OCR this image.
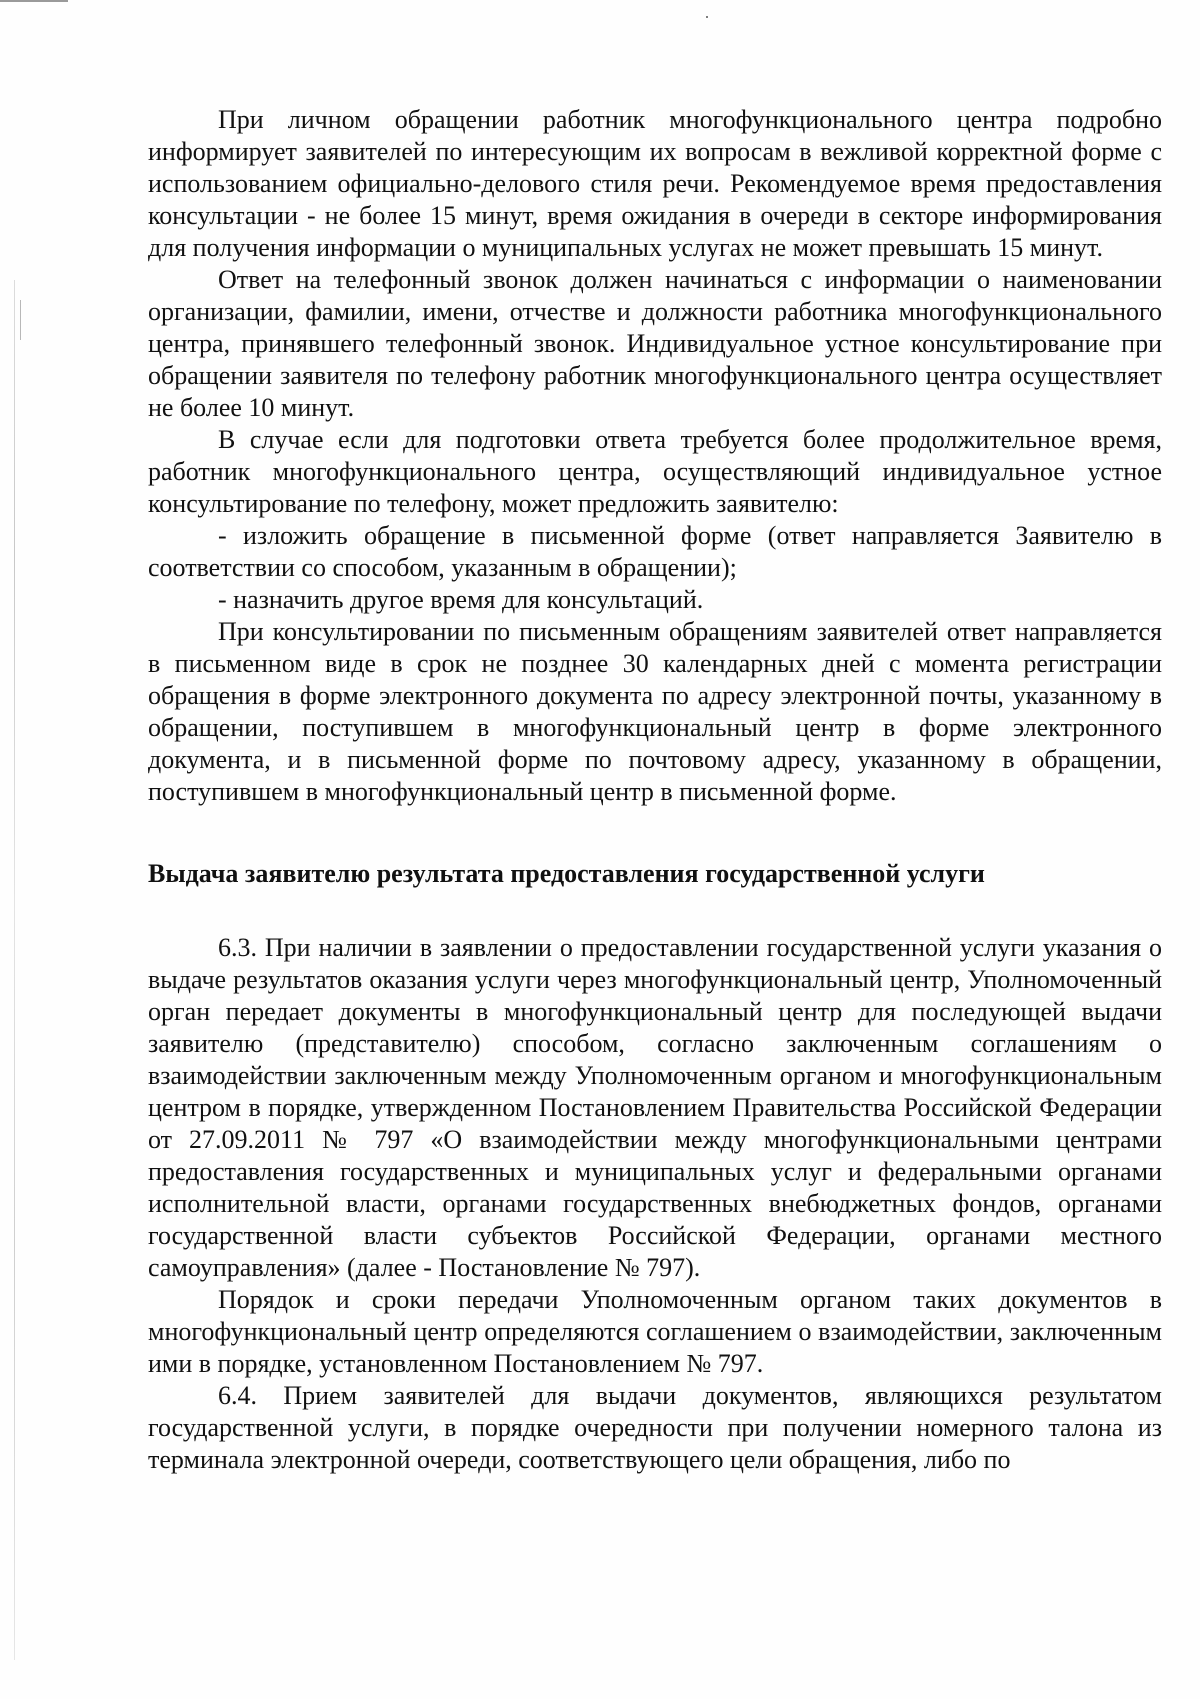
При личном обращении работник многофункционального центра подробно информирует заявителей по интересующим их вопросам в вежливой корректной форме с использованием официально-делового стиля речи. Рекомендуемое время предоставления консультации - не более 15 минут, время ожидания в очереди в секторе информирования для получения информации о муниципальных услугах не может превышать 15 минут.

Ответ на телефонный звонок должен начинаться с информации о наименовании организации, фамилии, имени, отчестве и должности работника многофункционального центра, принявшего телефонный звонок. Индивидуальное устное консультирование при обращении заявителя по телефону работник многофункционального центра осуществляет не более 10 минут.

В случае если для подготовки ответа требуется более продолжительное время, работник многофункционального центра, осуществляющий индивидуальное устное консультирование по телефону, может предложить заявителю:

- изложить обращение в письменной форме (ответ направляется Заявителю в соответствии со способом, указанным в обращении);

- назначить другое время для консультаций.

При консультировании по письменным обращениям заявителей ответ направляется в письменном виде в срок не позднее 30 календарных дней с момента регистрации обращения в форме электронного документа по адресу электронной почты, указанному в обращении, поступившем в многофункциональный центр в форме электронного документа, и в письменной форме по почтовому адресу, указанному в обращении, поступившем в многофункциональный центр в письменной форме.

Выдача заявителю результата предоставления государственной услуги

6.3. При наличии в заявлении о предоставлении государственной услуги указания о выдаче результатов оказания услуги через многофункциональный центр, Уполномоченный орган передает документы в многофункциональный центр для последующей выдачи заявителю (представителю) способом, согласно заключенным соглашениям о взаимодействии заключенным между Уполномоченным органом и многофункциональным центром в порядке, утвержденном Постановлением Правительства Российской Федерации от 27.09.2011 № 797 «О взаимодействии между многофункциональными центрами предоставления государственных и муниципальных услуг и федеральными органами исполнительной власти, органами государственных внебюджетных фондов, органами государственной власти субъектов Российской Федерации, органами местного самоуправления» (далее - Постановление № 797).

Порядок и сроки передачи Уполномоченным органом таких документов в многофункциональный центр определяются соглашением о взаимодействии, заключенным ими в порядке, установленном Постановлением № 797.

6.4. Прием заявителей для выдачи документов, являющихся результатом государственной услуги, в порядке очередности при получении номерного талона из терминала электронной очереди, соответствующего цели обращения, либо по
